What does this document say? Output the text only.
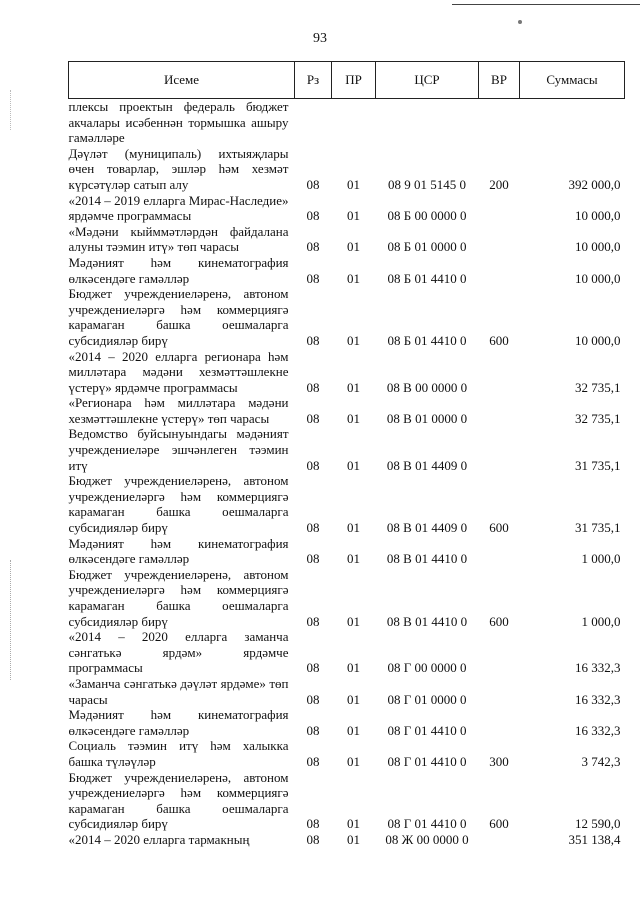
93
Исеме	Рз	ПР	ЦСР	ВР	Суммасы
плексы проектын федераль бюджет акчалары исәбеннән тормышка ашыру гамәлләре					
Дәүләт (муниципаль) ихтыяҗлары өчен товарлар, эшләр һәм хезмәт күрсәтүләр сатып алу	08	01	08 9 01 5145 0	200	392 000,0
«2014 – 2019 елларга Мирас-Наследие» ярдәмче программасы	08	01	08 Б 00 0000 0		10 000,0
«Мәдәни кыйммәтләрдән файдалана алуны тәэмин итү» төп чарасы	08	01	08 Б 01 0000 0		10 000,0
Мәдәният һәм кинематография өлкәсендәге гамәлләр	08	01	08 Б 01 4410 0		10 000,0
Бюджет учреждениеләренә, автоном учреждениеләргә һәм коммерциягә карамаган башка оешмаларга субсидияләр бирү	08	01	08 Б 01 4410 0	600	10 000,0
«2014 – 2020 елларга регионара һәм милләтара мәдәни хезмәттәшлекне үстерү» ярдәмче программасы	08	01	08 В 00 0000 0		32 735,1
«Регионара һәм милләтара мәдәни хезмәттәшлекне үстерү» төп чарасы	08	01	08 В 01 0000 0		32 735,1
Ведомство буйсынуындагы мәдәният учреждениеләре эшчәнлеген тәэмин итү	08	01	08 В 01 4409 0		31 735,1
Бюджет учреждениеләренә, автоном учреждениеләргә һәм коммерциягә карамаган башка оешмаларга субсидияләр бирү	08	01	08 В 01 4409 0	600	31 735,1
Мәдәният һәм кинематография өлкәсендәге гамәлләр	08	01	08 В 01 4410 0		1 000,0
Бюджет учреждениеләренә, автоном учреждениеләргә һәм коммерциягә карамаган башка оешмаларга субсидияләр бирү	08	01	08 В 01 4410 0	600	1 000,0
«2014 – 2020 елларга заманча сәнгатькә ярдәм» ярдәмче программасы	08	01	08 Г 00 0000 0		16 332,3
«Заманча сәнгатькә дәүләт ярдәме» төп чарасы	08	01	08 Г 01 0000 0		16 332,3
Мәдәният һәм кинематография өлкәсендәге гамәлләр	08	01	08 Г 01 4410 0		16 332,3
Социаль тәэмин итү һәм халыкка башка түләүләр	08	01	08 Г 01 4410 0	300	3 742,3
Бюджет учреждениеләренә, автоном учреждениеләргә һәм коммерциягә карамаган башка оешмаларга субсидияләр бирү	08	01	08 Г 01 4410 0	600	12 590,0
«2014 – 2020 елларга тармакның	08	01	08 Ж 00 0000 0		351 138,4
